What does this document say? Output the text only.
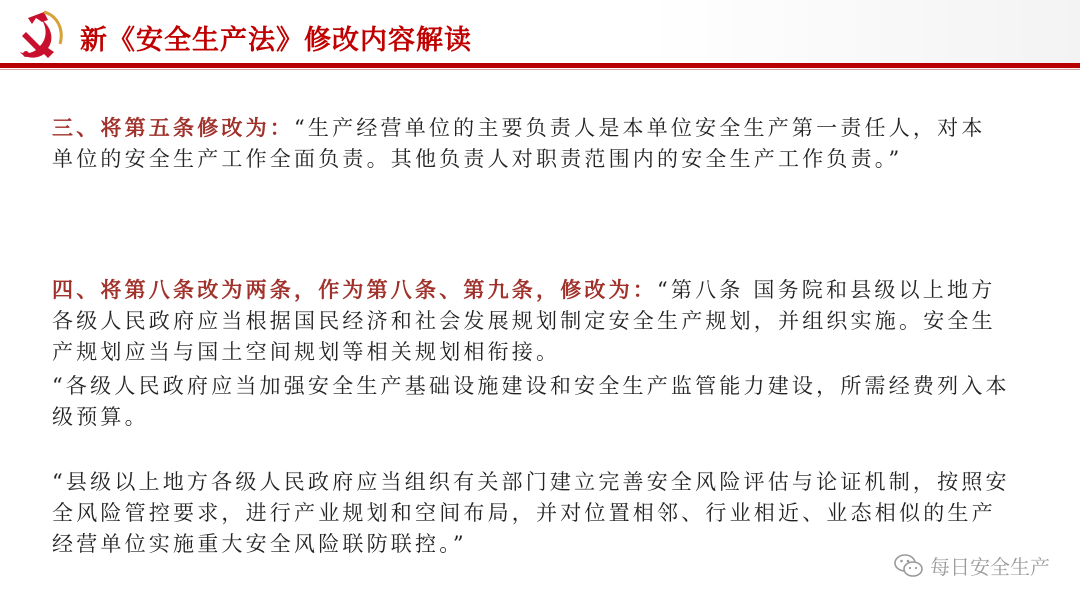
新《安全生产法》修改内容解读
三、将第五条修改为：“生产经营单位的主要负责人是本单位安全生产第一责任人，对本单位的安全生产工作全面负责。其他负责人对职责范围内的安全生产工作负责。”
四、将第八条改为两条，作为第八条、第九条，修改为：“第八条 国务院和县级以上地方各级人民政府应当根据国民经济和社会发展规划制定安全生产规划，并组织实施。安全生产规划应当与国土空间规划等相关规划相衔接。
“各级人民政府应当加强安全生产基础设施建设和安全生产监管能力建设，所需经费列入本级预算。
“县级以上地方各级人民政府应当组织有关部门建立完善安全风险评估与论证机制，按照安全风险管控要求，进行产业规划和空间布局，并对位置相邻、行业相近、业态相似的生产经营单位实施重大安全风险联防联控。”
每日安全生产
